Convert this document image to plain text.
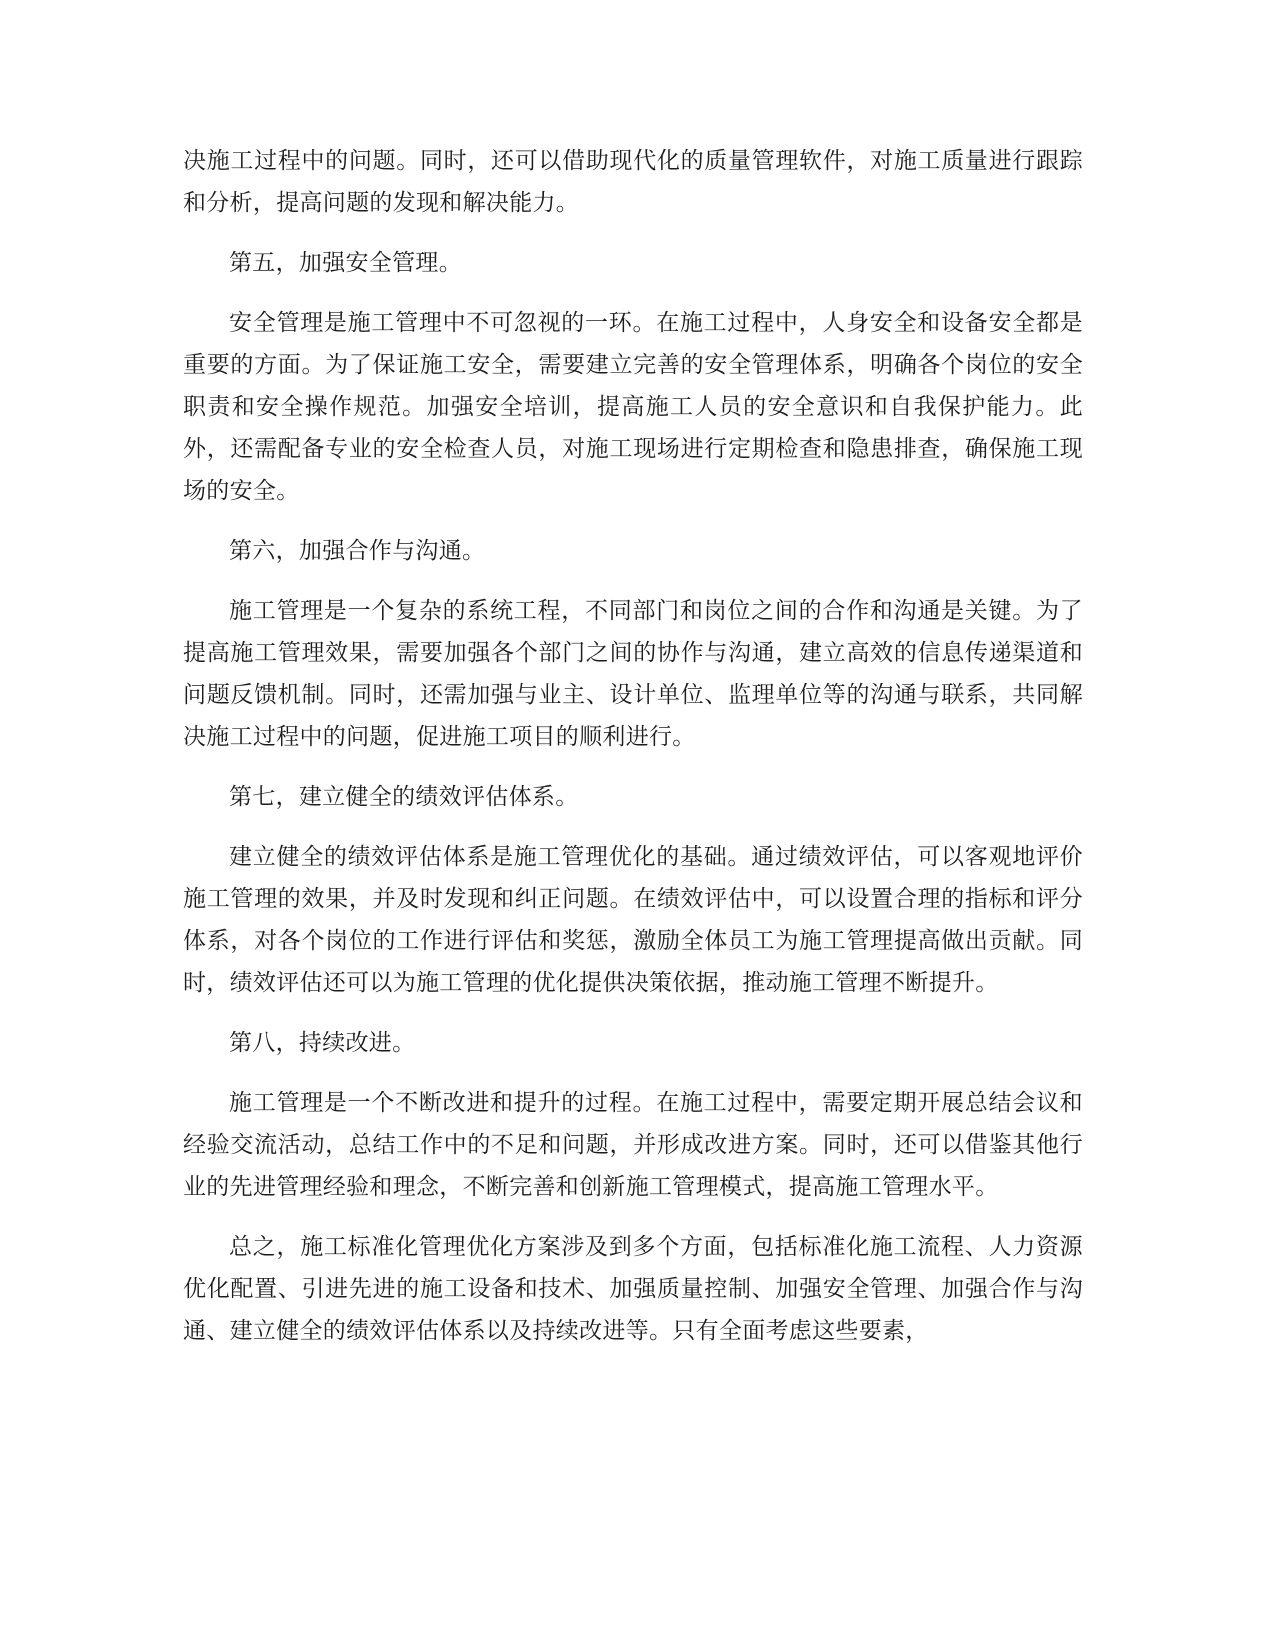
决施工过程中的问题。同时，还可以借助现代化的质量管理软件，对施工质量进行跟踪和分析，提高问题的发现和解决能力。

第五，加强安全管理。

安全管理是施工管理中不可忽视的一环。在施工过程中，人身安全和设备安全都是重要的方面。为了保证施工安全，需要建立完善的安全管理体系，明确各个岗位的安全职责和安全操作规范。加强安全培训，提高施工人员的安全意识和自我保护能力。此外，还需配备专业的安全检查人员，对施工现场进行定期检查和隐患排查，确保施工现场的安全。

第六，加强合作与沟通。

施工管理是一个复杂的系统工程，不同部门和岗位之间的合作和沟通是关键。为了提高施工管理效果，需要加强各个部门之间的协作与沟通，建立高效的信息传递渠道和问题反馈机制。同时，还需加强与业主、设计单位、监理单位等的沟通与联系，共同解决施工过程中的问题，促进施工项目的顺利进行。

第七，建立健全的绩效评估体系。

建立健全的绩效评估体系是施工管理优化的基础。通过绩效评估，可以客观地评价施工管理的效果，并及时发现和纠正问题。在绩效评估中，可以设置合理的指标和评分体系，对各个岗位的工作进行评估和奖惩，激励全体员工为施工管理提高做出贡献。同时，绩效评估还可以为施工管理的优化提供决策依据，推动施工管理不断提升。

第八，持续改进。

施工管理是一个不断改进和提升的过程。在施工过程中，需要定期开展总结会议和经验交流活动，总结工作中的不足和问题，并形成改进方案。同时，还可以借鉴其他行业的先进管理经验和理念，不断完善和创新施工管理模式，提高施工管理水平。

总之，施工标准化管理优化方案涉及到多个方面，包括标准化施工流程、人力资源优化配置、引进先进的施工设备和技术、加强质量控制、加强安全管理、加强合作与沟通、建立健全的绩效评估体系以及持续改进等。只有全面考虑这些要素，
